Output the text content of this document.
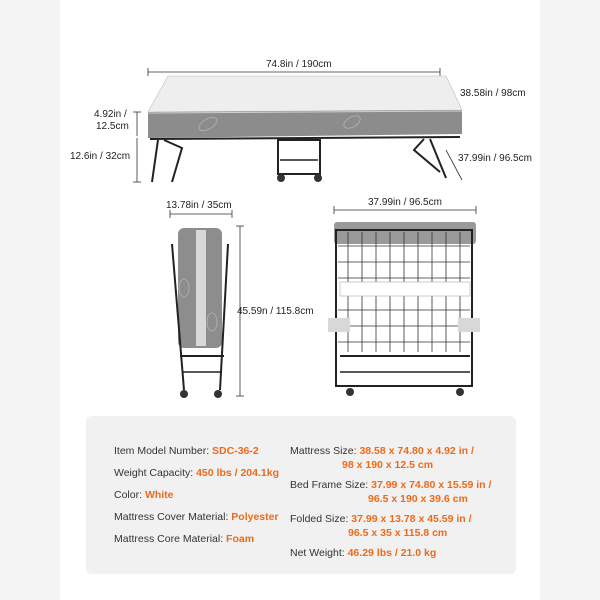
74.8in / 190cm
38.58in / 98cm
4.92in /
12.5cm
12.6in / 32cm	37.99in / 96.5cm
13.78in / 35cm
45.59n / 115.8cm
37.99in / 96.5cm
Item Model Number: SDC-36-2
Weight Capacity: 450 lbs / 204.1kg
Color: White
Mattress Cover Material: Polyester
Mattress Core Material: Foam
Mattress Size: 38.58 x 74.80 x 4.92 in /
98 x 190 x 12.5 cm
Bed Frame Size: 37.99 x 74.80 x 15.59 in /
96.5 x 190 x 39.6 cm
Folded Size: 37.99 x 13.78 x 45.59 in /
96.5 x 35 x 115.8 cm
Net Weight: 46.29 lbs / 21.0 kg
